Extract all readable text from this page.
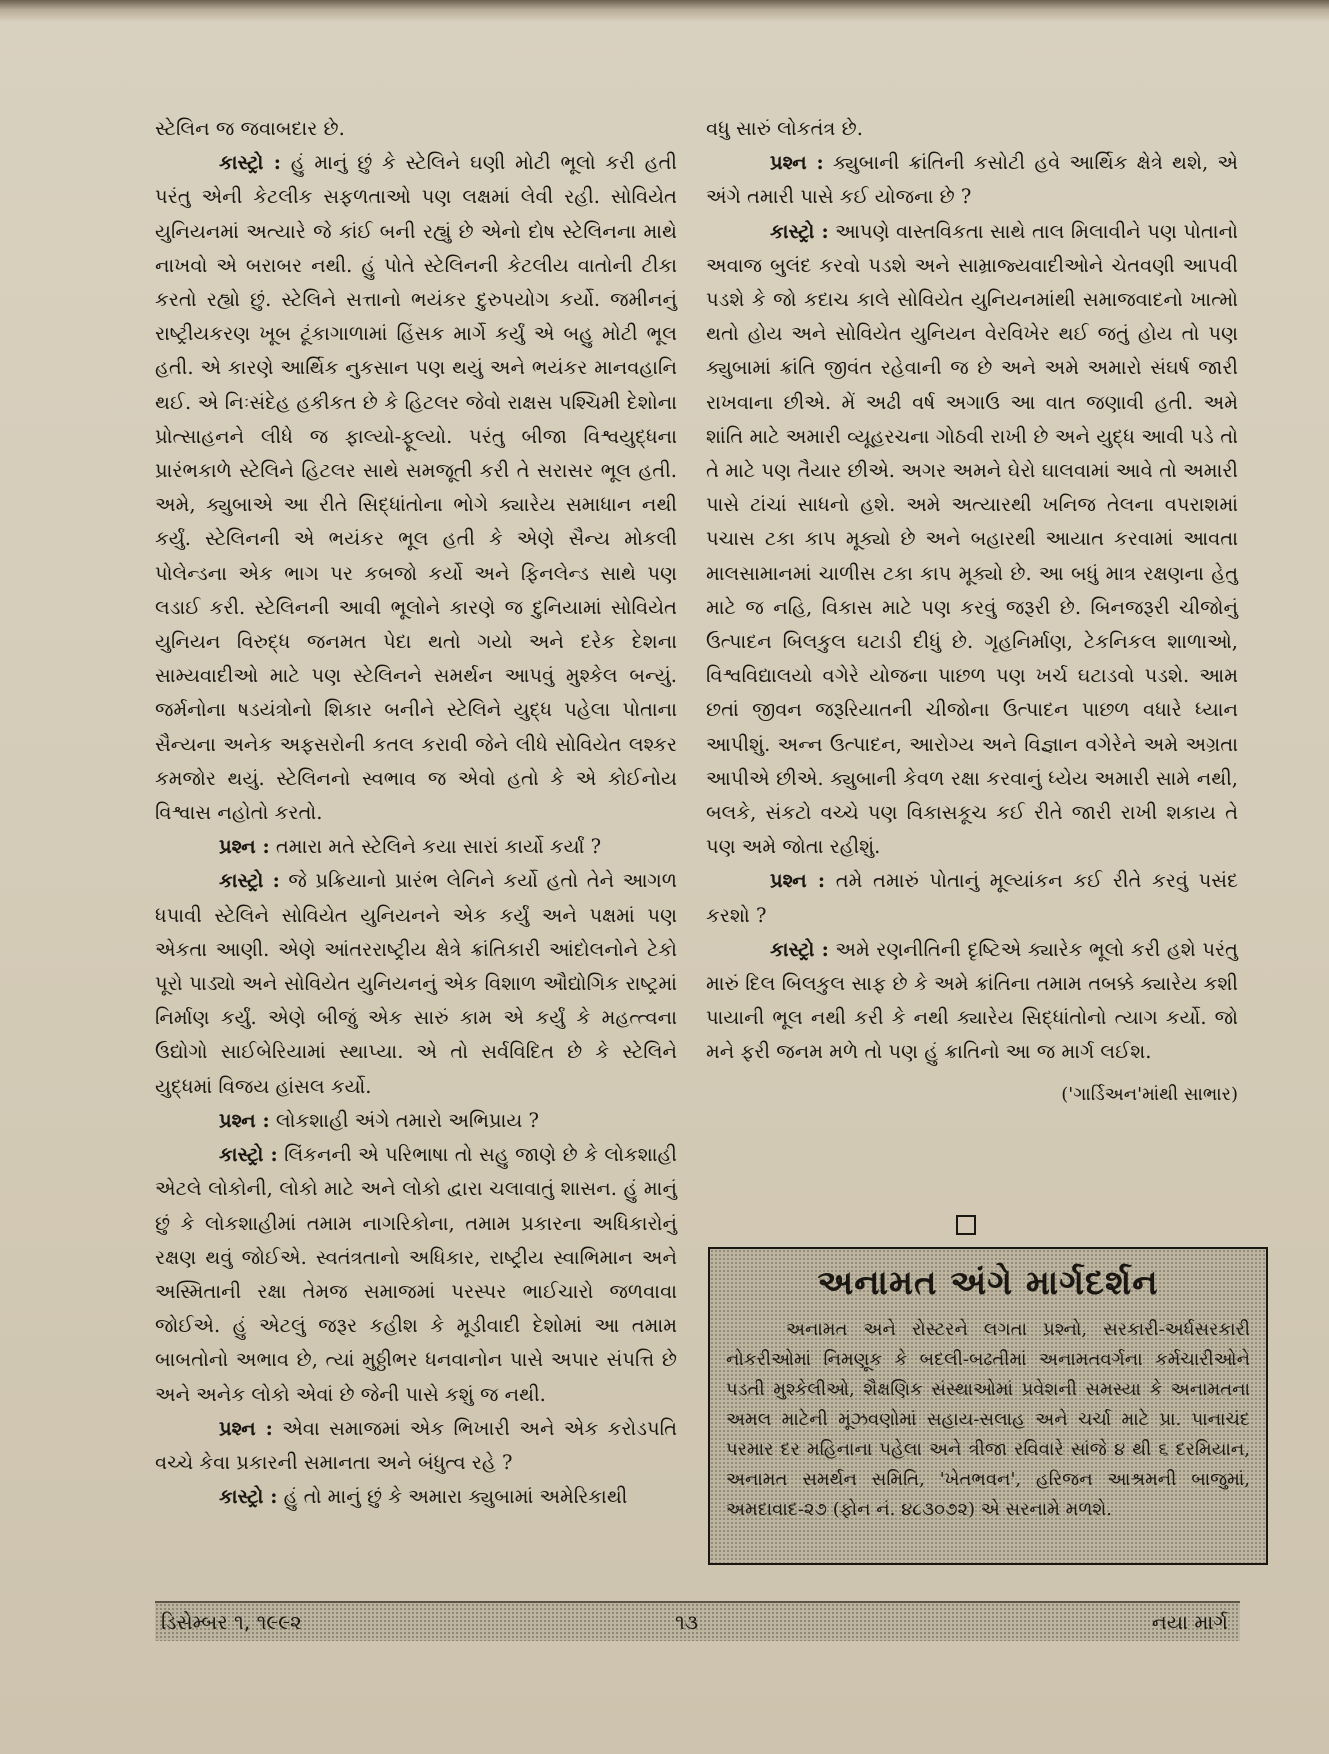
સ્ટેલિન જ જવાબદાર છે.

કાસ્ટ્રો : હું માનું છું કે સ્ટેલિને ઘણી મોટી ભૂલો કરી હતી પરંતુ એની કેટલીક સફળતાઓ પણ લક્ષમાં લેવી રહી. સોવિયેત યુનિયનમાં અત્યારે જે કાંઈ બની રહ્યું છે એનો દોષ સ્ટેલિનના માથે નાખવો એ બરાબર નથી. હું પોતે સ્ટેલિનની કેટલીય વાતોની ટીકા કરતો રહ્યો છું. સ્ટેલિને સત્તાનો ભયંકર દુરુપયોગ કર્યો. જમીનનું રાષ્ટ્રીયકરણ ખૂબ ટૂંકાગાળામાં હિંસક માર્ગે કર્યું એ બહુ મોટી ભૂલ હતી. એ કારણે આર્થિક નુકસાન પણ થયું અને ભયંકર માનવહાનિ થઈ. એ નિઃસંદેહ હકીકત છે કે હિટલર જેવો રાક્ષસ પશ્ચિમી દેશોના પ્રોત્સાહનને લીધે જ ફાલ્યો-ફૂલ્યો. પરંતુ બીજા વિશ્વયુદ્ધના પ્રારંભકાળે સ્ટેલિને હિટલર સાથે સમજૂતી કરી તે સરાસર ભૂલ હતી. અમે, ક્યુબાએ આ રીતે સિદ્ધાંતોના ભોગે ક્યારેય સમાધાન નથી કર્યું. સ્ટેલિનની એ ભયંકર ભૂલ હતી કે એણે સૈન્ય મોકલી પોલેન્ડના એક ભાગ પર કબજો કર્યો અને ફિનલેન્ડ સાથે પણ લડાઈ કરી. સ્ટેલિનની આવી ભૂલોને કારણે જ દુનિયામાં સોવિયેત યુનિયન વિરુદ્ધ જનમત પેદા થતો ગયો અને દરેક દેશના સામ્યવાદીઓ માટે પણ સ્ટેલિનને સમર્થન આપવું મુશ્કેલ બન્યું. જર્મનોના ષડયંત્રોનો શિકાર બનીને સ્ટેલિને યુદ્ધ પહેલા પોતાના સૈન્યના અનેક અફસરોની કતલ કરાવી જેને લીધે સોવિયેત લશ્કર કમજોર થયું. સ્ટેલિનનો સ્વભાવ જ એવો હતો કે એ કોઈનોય વિશ્વાસ નહોતો કરતો.

પ્રશ્ન : તમારા મતે સ્ટેલિને કયા સારાં કાર્યો કર્યાં ?

કાસ્ટ્રો : જે પ્રક્રિયાનો પ્રારંભ લેનિને કર્યો હતો તેને આગળ ધપાવી સ્ટેલિને સોવિયેત યુનિયનને એક કર્યું અને પક્ષમાં પણ એકતા આણી. એણે આંતરરાષ્ટ્રીય ક્ષેત્રે ક્રાંતિકારી આંદોલનોને ટેકો પૂરો પાડ્યો અને સોવિયેત યુનિયનનું એક વિશાળ ઔદ્યોગિક રાષ્ટ્રમાં નિર્માણ કર્યું. એણે બીજું એક સારું કામ એ કર્યું કે મહત્ત્વના ઉદ્યોગો સાઈબેરિયામાં સ્થાપ્યા. એ તો સર્વવિદિત છે કે સ્ટેલિને યુદ્ધમાં વિજય હાંસલ કર્યો.

પ્રશ્ન : લોકશાહી અંગે તમારો અભિપ્રાય ?

કાસ્ટ્રો : લિંકનની એ પરિભાષા તો સહુ જાણે છે કે લોકશાહી એટલે લોકોની, લોકો માટે અને લોકો દ્વારા ચલાવાતું શાસન. હું માનું છું કે લોકશાહીમાં તમામ નાગરિકોના, તમામ પ્રકારના અધિકારોનું રક્ષણ થવું જોઈએ. સ્વતંત્રતાનો અધિકાર, રાષ્ટ્રીય સ્વાભિમાન અને અસ્મિતાની રક્ષા તેમજ સમાજમાં પરસ્પર ભાઈચારો જળવાવા જોઈએ. હું એટલું જરૂર કહીશ કે મૂડીવાદી દેશોમાં આ તમામ બાબતોનો અભાવ છે, ત્યાં મુઠ્ઠીભર ધનવાનોન પાસે અપાર સંપત્તિ છે અને અનેક લોકો એવાં છે જેની પાસે કશું જ નથી.

પ્રશ્ન : એવા સમાજમાં એક ભિખારી અને એક કરોડપતિ વચ્ચે કેવા પ્રકારની સમાનતા અને બંધુત્વ રહે ?

કાસ્ટ્રો : હું તો માનું છું કે અમારા ક્યુબામાં અમેરિકાથી

વધુ સારું લોકતંત્ર છે.

પ્રશ્ન : ક્યુબાની ક્રાંતિની કસોટી હવે આર્થિક ક્ષેત્રે થશે, એ અંગે તમારી પાસે કઈ યોજના છે ?

કાસ્ટ્રો : આપણે વાસ્તવિકતા સાથે તાલ મિલાવીને પણ પોતાનો અવાજ બુલંદ કરવો પડશે અને સામ્રાજ્યવાદીઓને ચેતવણી આપવી પડશે કે જો કદાચ કાલે સોવિયેત યુનિયનમાંથી સમાજવાદનો ખાત્મો થતો હોય અને સોવિયેત યુનિયન વેરવિખેર થઈ જતું હોય તો પણ ક્યુબામાં ક્રાંતિ જીવંત રહેવાની જ છે અને અમે અમારો સંઘર્ષ જારી રાખવાના છીએ. મેં અઢી વર્ષ અગાઉ આ વાત જણાવી હતી. અમે શાંતિ માટે અમારી વ્યૂહરચના ગોઠવી રાખી છે અને યુદ્ધ આવી પડે તો તે માટે પણ તૈયાર છીએ. અગર અમને ઘેરો ઘાલવામાં આવે તો અમારી પાસે ટાંચાં સાધનો હશે. અમે અત્યારથી ખનિજ તેલના વપરાશમાં પચાસ ટકા કાપ મૂક્યો છે અને બહારથી આયાત કરવામાં આવતા માલસામાનમાં ચાળીસ ટકા કાપ મૂક્યો છે. આ બધું માત્ર રક્ષણના હેતુ માટે જ નહિ, વિકાસ માટે પણ કરવું જરૂરી છે. બિનજરૂરી ચીજોનું ઉત્પાદન બિલકુલ ઘટાડી દીધું છે. ગૃહનિર્માણ, ટેકનિકલ શાળાઓ, વિશ્વવિદ્યાલયો વગેરે યોજના પાછળ પણ ખર્ચ ઘટાડવો પડશે. આમ છતાં જીવન જરૂરિયાતની ચીજોના ઉત્પાદન પાછળ વધારે ધ્યાન આપીશું. અન્ન ઉત્પાદન, આરોગ્ય અને વિજ્ઞાન વગેરેને અમે અગ્રતા આપીએ છીએ. ક્યુબાની કેવળ રક્ષા કરવાનું ધ્યેય અમારી સામે નથી, બલકે, સંકટો વચ્ચે પણ વિકાસકૂચ કઈ રીતે જારી રાખી શકાય તે પણ અમે જોતા રહીશું.

પ્રશ્ન : તમે તમારું પોતાનું મૂલ્યાંકન કઈ રીતે કરવું પસંદ કરશો ?

કાસ્ટ્રો : અમે રણનીતિની દૃષ્ટિએ ક્યારેક ભૂલો કરી હશે પરંતુ મારું દિલ બિલકુલ સાફ છે કે અમે ક્રાંતિના તમામ તબક્કે ક્યારેય કશી પાયાની ભૂલ નથી કરી કે નથી ક્યારેય સિદ્ધાંતોનો ત્યાગ કર્યો. જો મને ફરી જનમ મળે તો પણ હું ક્રાતિનો આ જ માર્ગ લઈશ.

('ગાર્ડિઅન'માંથી સાભાર)
અનામત અંગે માર્ગદર્શન
અનામત અને રોસ્ટરને લગતા પ્રશ્નો, સરકારી-અર્ધસરકારી નોકરીઓમાં નિમણૂક કે બદલી-બઢતીમાં અનામતવર્ગના કર્મચારીઓને પડતી મુશ્કેલીઓ, શૈક્ષણિક સંસ્થાઓમાં પ્રવેશની સમસ્યા કે અનામતના અમલ માટેની મૂંઝવણોમાં સહાય-સલાહ અને ચર્ચા માટે પ્રા. પાનાચંદ પરમાર દર મહિનાના પહેલા અને ત્રીજા રવિવારે સાંજે ૪ થી ૬ દરમિયાન, અનામત સમર્થન સમિતિ, 'ખેતભવન', હરિજન આશ્રમની બાજુમાં, અમદાવાદ-૨૭ (ફોન નં. ૪૮૩૦૭૨) એ સરનામે મળશે.
ડિસેમ્બર ૧, ૧૯૯૨	૧૩	નયા માર્ગ
